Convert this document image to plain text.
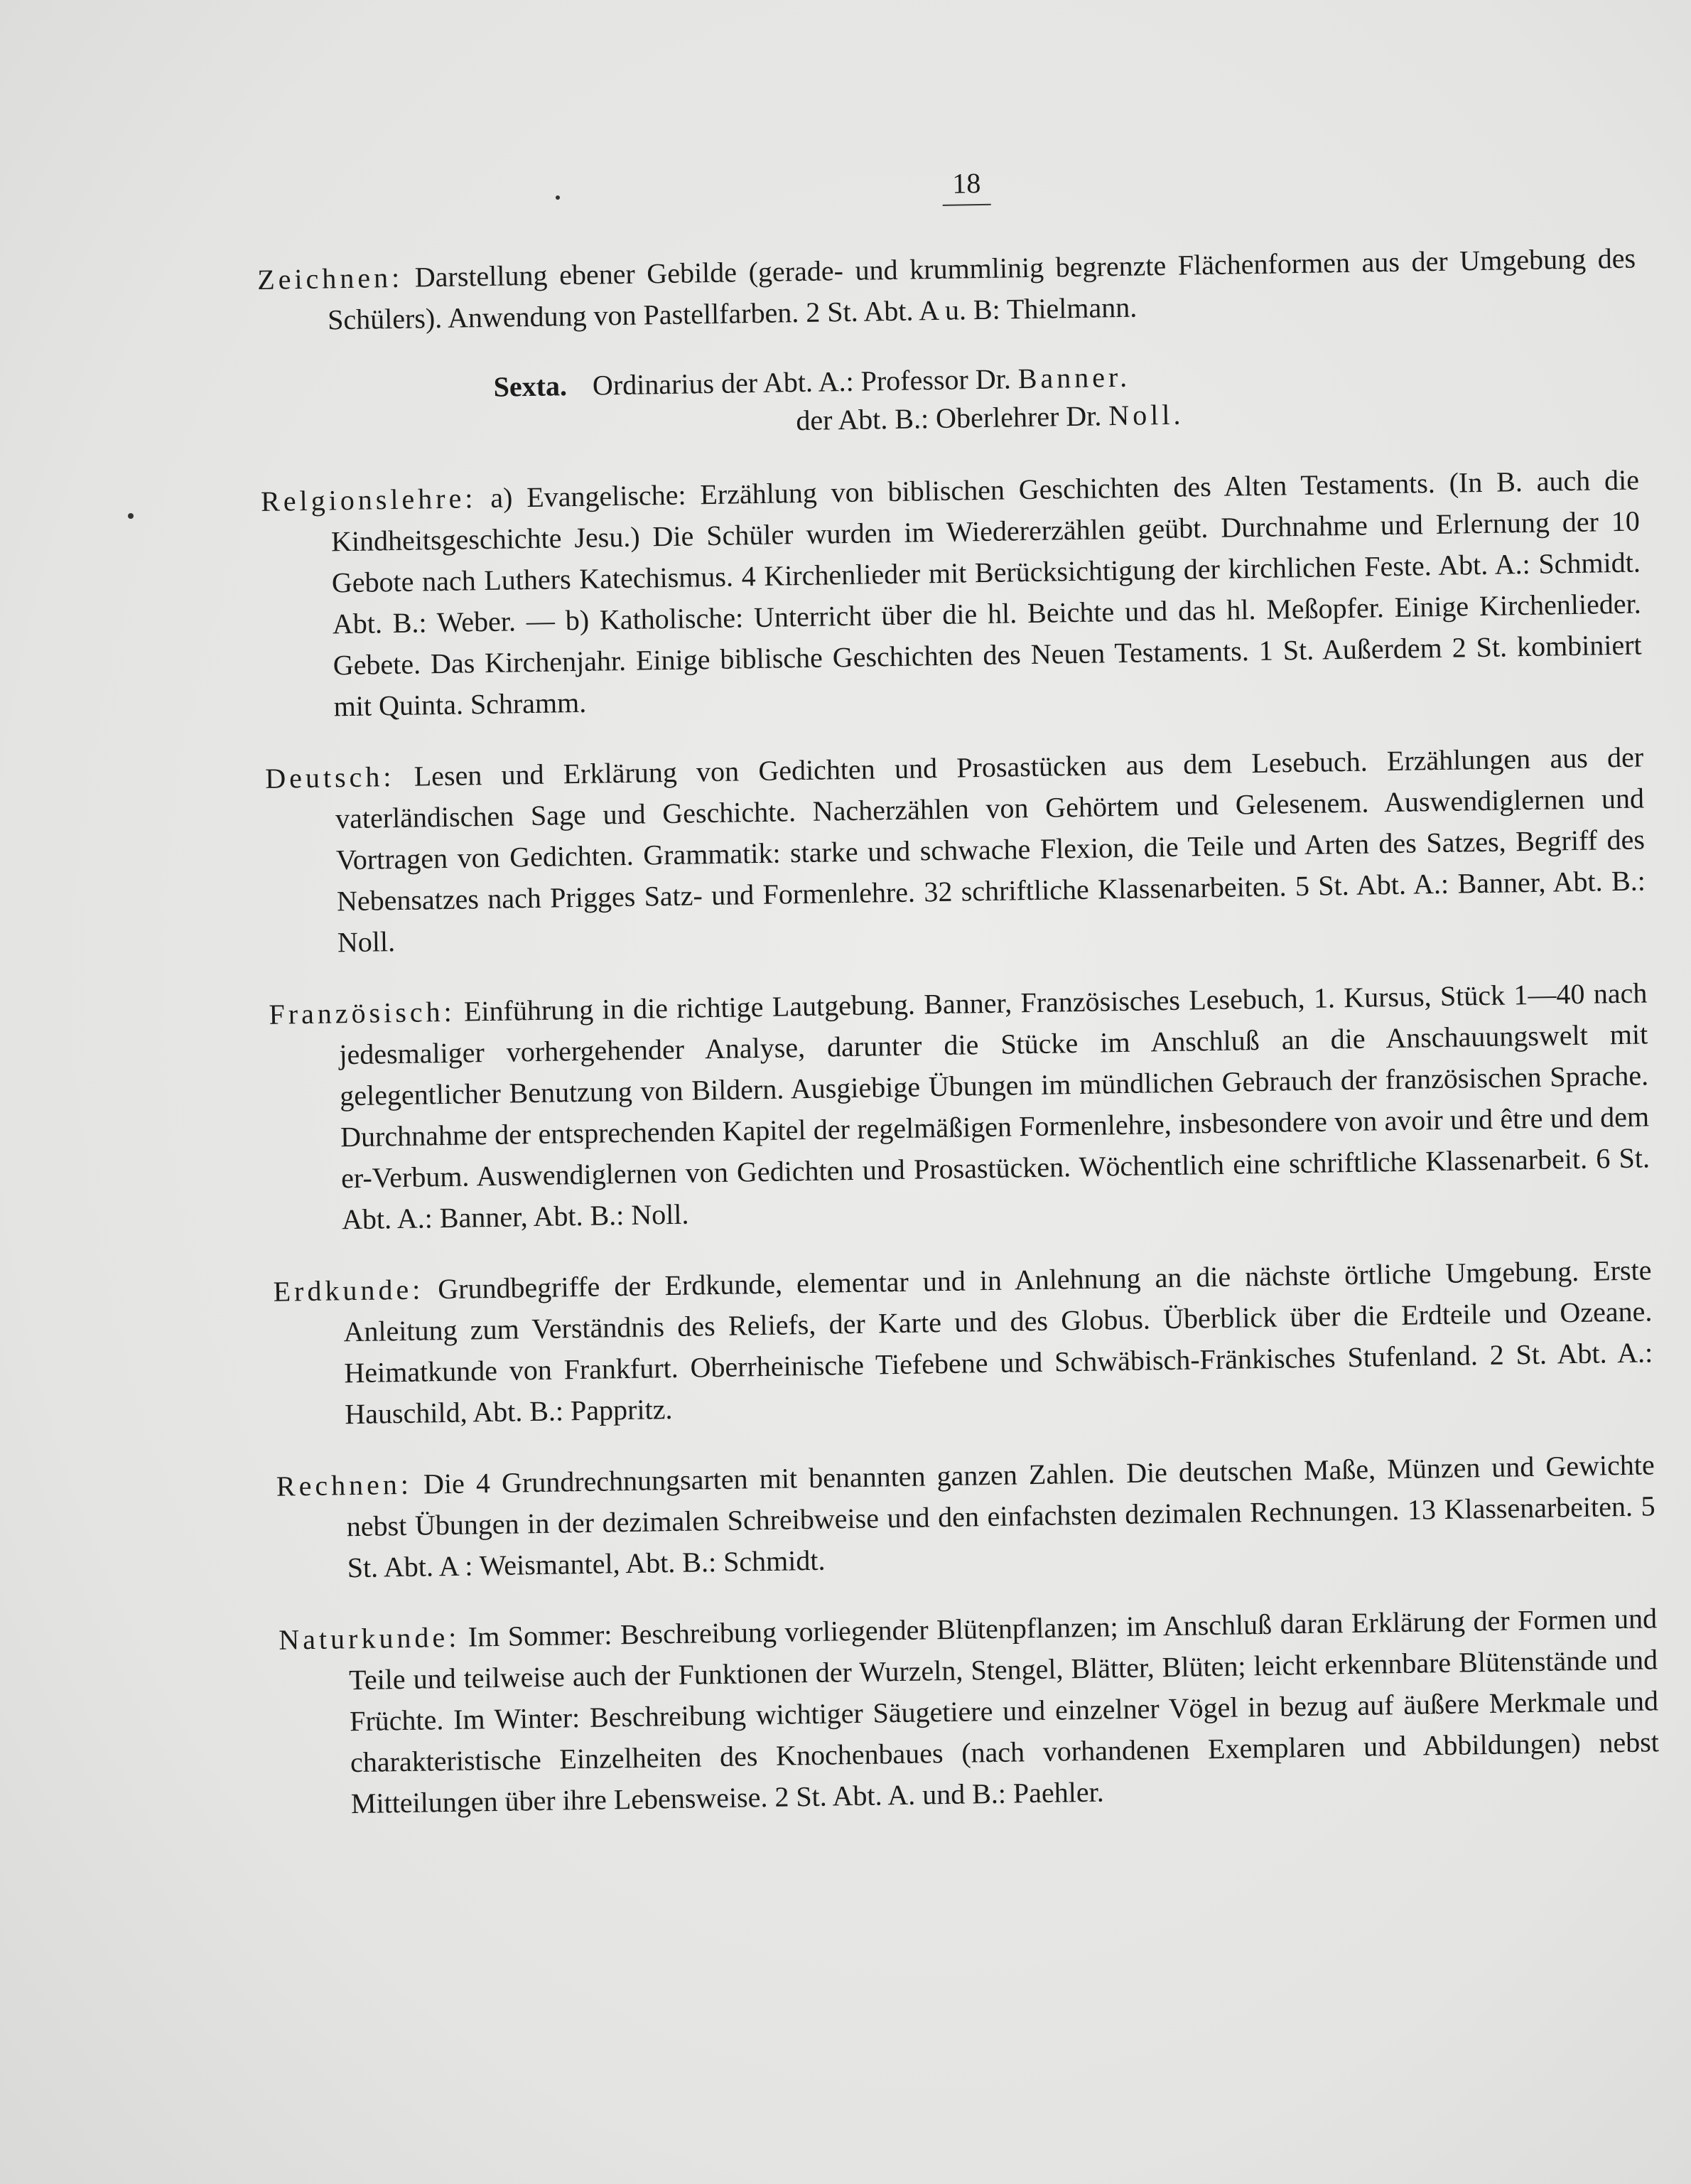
18
Zeichnen: Darstellung ebener Gebilde (gerade- und krummlinig begrenzte Flächenformen aus der Umgebung des Schülers). Anwendung von Pastellfarben. 2 St. Abt. A u. B: Thielmann.
Sexta. Ordinarius der Abt. A.: Professor Dr. Banner.
der Abt. B.: Oberlehrer Dr. Noll.
Relgionslehre: a) Evangelische: Erzählung von biblischen Geschichten des Alten Testaments. (In B. auch die Kindheitsgeschichte Jesu.) Die Schüler wurden im Wiedererzählen geübt. Durchnahme und Erlernung der 10 Gebote nach Luthers Katechismus. 4 Kirchenlieder mit Berücksichtigung der kirchlichen Feste. Abt. A.: Schmidt. Abt. B.: Weber. — b) Katholische: Unterricht über die hl. Beichte und das hl. Meßopfer. Einige Kirchenlieder. Gebete. Das Kirchenjahr. Einige biblische Geschichten des Neuen Testaments. 1 St. Außerdem 2 St. kombiniert mit Quinta. Schramm.
Deutsch: Lesen und Erklärung von Gedichten und Prosastücken aus dem Lesebuch. Erzählungen aus der vaterländischen Sage und Geschichte. Nacherzählen von Gehörtem und Gelesenem. Auswendiglernen und Vortragen von Gedichten. Grammatik: starke und schwache Flexion, die Teile und Arten des Satzes, Begriff des Nebensatzes nach Prigges Satz- und Formenlehre. 32 schriftliche Klassenarbeiten. 5 St. Abt. A.: Banner, Abt. B.: Noll.
Französisch: Einführung in die richtige Lautgebung. Banner, Französisches Lesebuch, 1. Kursus, Stück 1—40 nach jedesmaliger vorhergehender Analyse, darunter die Stücke im Anschluß an die Anschauungswelt mit gelegentlicher Benutzung von Bildern. Ausgiebige Übungen im mündlichen Gebrauch der französischen Sprache. Durchnahme der entsprechenden Kapitel der regelmäßigen Formenlehre, insbesondere von avoir und être und dem er-Verbum. Auswendiglernen von Gedichten und Prosastücken. Wöchentlich eine schriftliche Klassenarbeit. 6 St. Abt. A.: Banner, Abt. B.: Noll.
Erdkunde: Grundbegriffe der Erdkunde, elementar und in Anlehnung an die nächste örtliche Umgebung. Erste Anleitung zum Verständnis des Reliefs, der Karte und des Globus. Überblick über die Erdteile und Ozeane. Heimatkunde von Frankfurt. Oberrheinische Tiefebene und Schwäbisch-Fränkisches Stufenland. 2 St. Abt. A.: Hauschild, Abt. B.: Pappritz.
Rechnen: Die 4 Grundrechnungsarten mit benannten ganzen Zahlen. Die deutschen Maße, Münzen und Gewichte nebst Übungen in der dezimalen Schreibweise und den einfachsten dezimalen Rechnungen. 13 Klassenarbeiten. 5 St. Abt. A : Weismantel, Abt. B.: Schmidt.
Naturkunde: Im Sommer: Beschreibung vorliegender Blütenpflanzen; im Anschluß daran Erklärung der Formen und Teile und teilweise auch der Funktionen der Wurzeln, Stengel, Blätter, Blüten; leicht erkennbare Blütenstände und Früchte. Im Winter: Beschreibung wichtiger Säugetiere und einzelner Vögel in bezug auf äußere Merkmale und charakteristische Einzelheiten des Knochenbaues (nach vorhandenen Exemplaren und Abbildungen) nebst Mitteilungen über ihre Lebensweise. 2 St. Abt. A. und B.: Paehler.
